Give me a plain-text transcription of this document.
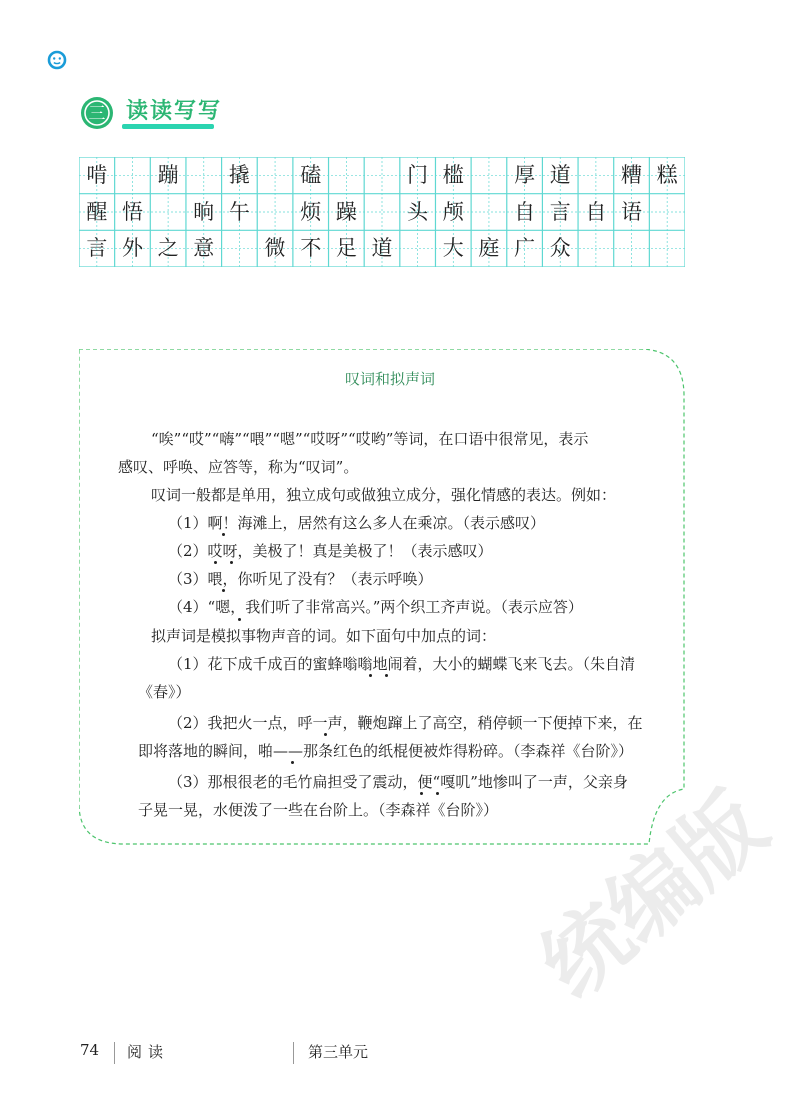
三 读读写写
啃	蹦	撬	磕	门 槛	厚 道	糟 糕
醒 悟	晌 午	烦 躁	头 颅	自 言 自 语
言 外 之 意	微 不 足 道	大 庭 广 众
叹词和拟声词
“唉”“哎”“嗨”“喂”“嗯”“哎呀”“哎哟”等词，在口语中很常见，表示
感叹、呼唤、应答等，称为“叹词”。
叹词一般都是单用，独立成句或做独立成分，强化情感的表达。例如：
（1）啊！海滩上，居然有这么多人在乘凉。（表示感叹）
（2）哎呀，美极了！真是美极了！（表示感叹）
（3）喂，你听见了没有？（表示呼唤）
（4）“嗯，我们听了非常高兴。”两个织工齐声说。（表示应答）
拟声词是模拟事物声音的词。如下面句中加点的词：
（1）花下成千成百的蜜蜂嗡嗡地闹着，大小的蝴蝶飞来飞去。（朱自清
《春》）
（2）我把火一点，呼一声，鞭炮蹿上了高空，稍停顿一下便掉下来，在
即将落地的瞬间，啪——那条红色的纸棍便被炸得粉碎。（李森祥《台阶》）
（3）那根很老的毛竹扁担受了震动，便“嘎叽”地惨叫了一声，父亲身
子晃一晃，水便泼了一些在台阶上。（李森祥《台阶》） 统编版
74 阅读	第三单元
